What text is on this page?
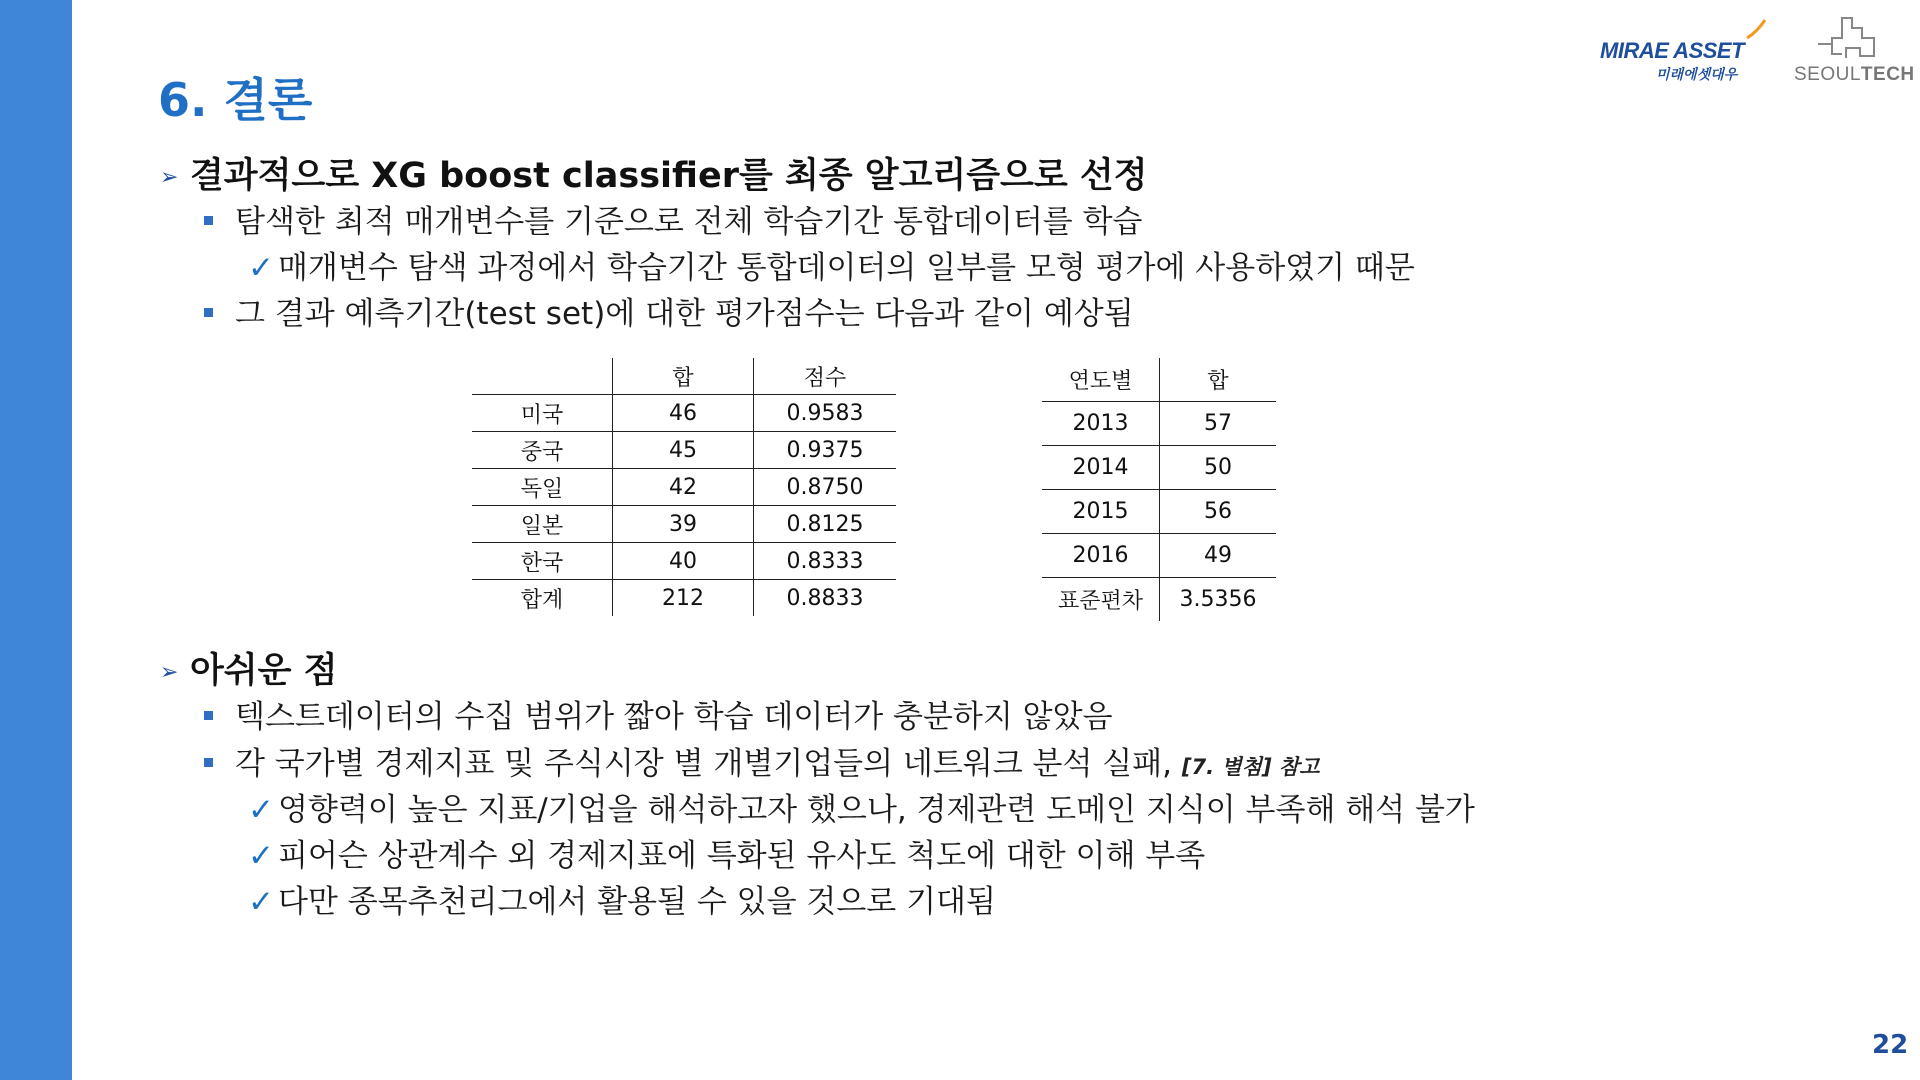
MIRAE ASSET
미래에셋대우	SEOULTECH
6. 결론
➢ 결과적으로 XG boost classifier를 최종 알고리즘으로 선정
탐색한 최적 매개변수를 기준으로 전체 학습기간 통합데이터를 학습
✓ 매개변수 탐색 과정에서 학습기간 통합데이터의 일부를 모형 평가에 사용하였기 때문
그 결과 예측기간(test set)에 대한 평가점수는 다음과 같이 예상됨
	합	점수
미국	46	0.9583
중국	45	0.9375
독일	42	0.8750
일본	39	0.8125
한국	40	0.8333
합계	212	0.8833
연도별	합
2013	57
2014	50
2015	56
2016	49
표준편차	3.5356
➢ 아쉬운 점
텍스트데이터의 수집 범위가 짧아 학습 데이터가 충분하지 않았음
각 국가별 경제지표 및 주식시장 별 개별기업들의 네트워크 분석 실패, [7. 별첨] 참고
✓ 영향력이 높은 지표/기업을 해석하고자 했으나, 경제관련 도메인 지식이 부족해 해석 불가
✓ 피어슨 상관계수 외 경제지표에 특화된 유사도 척도에 대한 이해 부족
✓ 다만 종목추천리그에서 활용될 수 있을 것으로 기대됨
22
